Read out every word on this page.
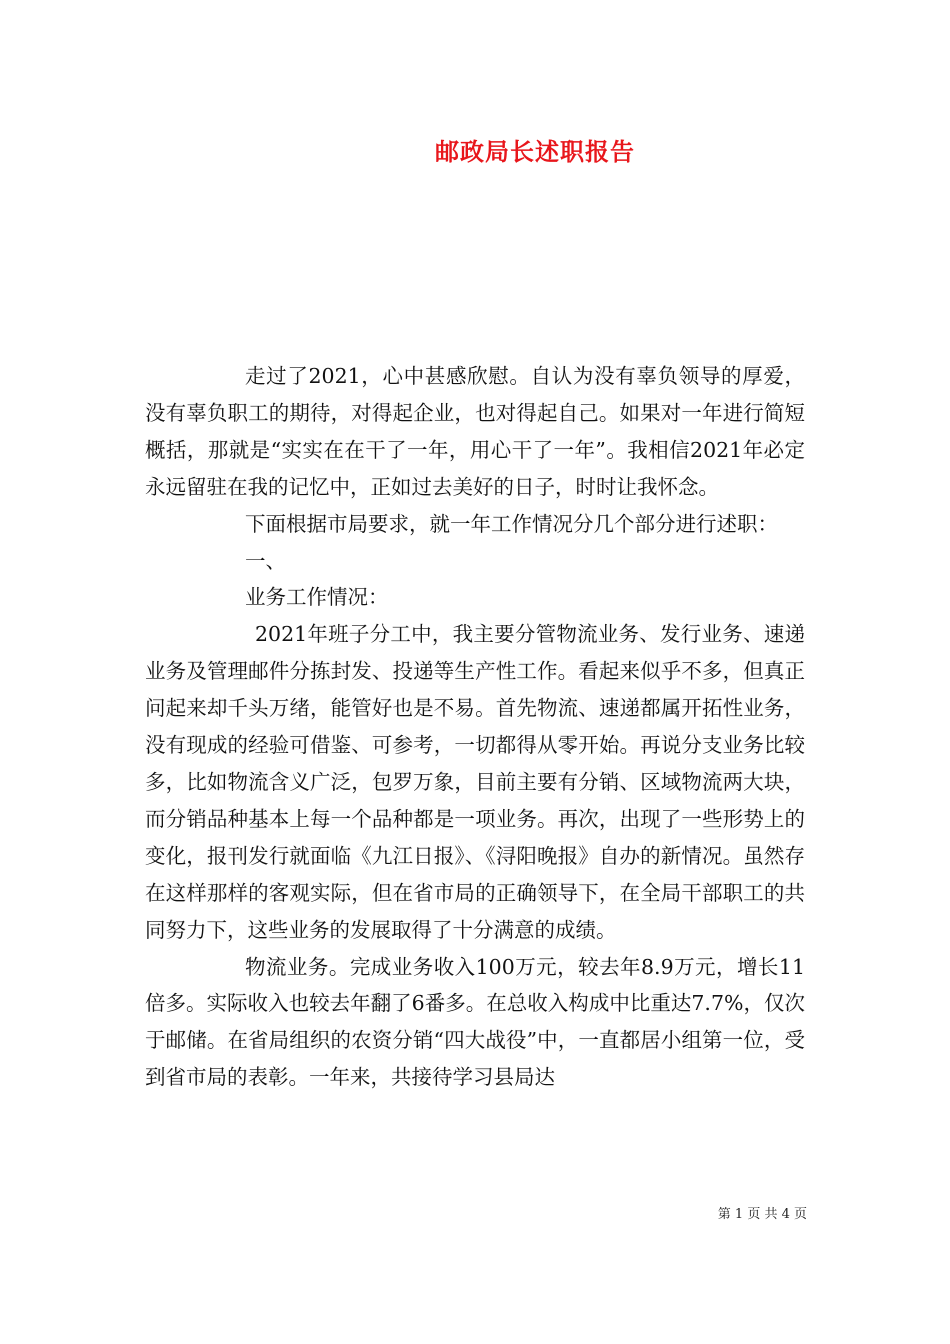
邮政局长述职报告

走过了2021，心中甚感欣慰。自认为没有辜负领导的厚爱，没有辜负职工的期待，对得起企业，也对得起自己。如果对一年进行简短概括，那就是“实实在在干了一年，用心干了一年”。我相信2021年必定永远留驻在我的记忆中，正如过去美好的日子，时时让我怀念。

下面根据市局要求，就一年工作情况分几个部分进行述职：

一、

业务工作情况：

2021年班子分工中，我主要分管物流业务、发行业务、速递业务及管理邮件分拣封发、投递等生产性工作。看起来似乎不多，但真正问起来却千头万绪，能管好也是不易。首先物流、速递都属开拓性业务，没有现成的经验可借鉴、可参考，一切都得从零开始。再说分支业务比较多，比如物流含义广泛，包罗万象，目前主要有分销、区域物流两大块，而分销品种基本上每一个品种都是一项业务。再次，出现了一些形势上的变化，报刊发行就面临《九江日报》、《浔阳晚报》自办的新情况。虽然存在这样那样的客观实际，但在省市局的正确领导下，在全局干部职工的共同努力下，这些业务的发展取得了十分满意的成绩。

物流业务。完成业务收入100万元，较去年8.9万元，增长11倍多。实际收入也较去年翻了6番多。在总收入构成中比重达7.7%，仅次于邮储。在省局组织的农资分销“四大战役”中，一直都居小组第一位，受到省市局的表彰。一年来，共接待学习县局达

第 1 页 共 4 页
